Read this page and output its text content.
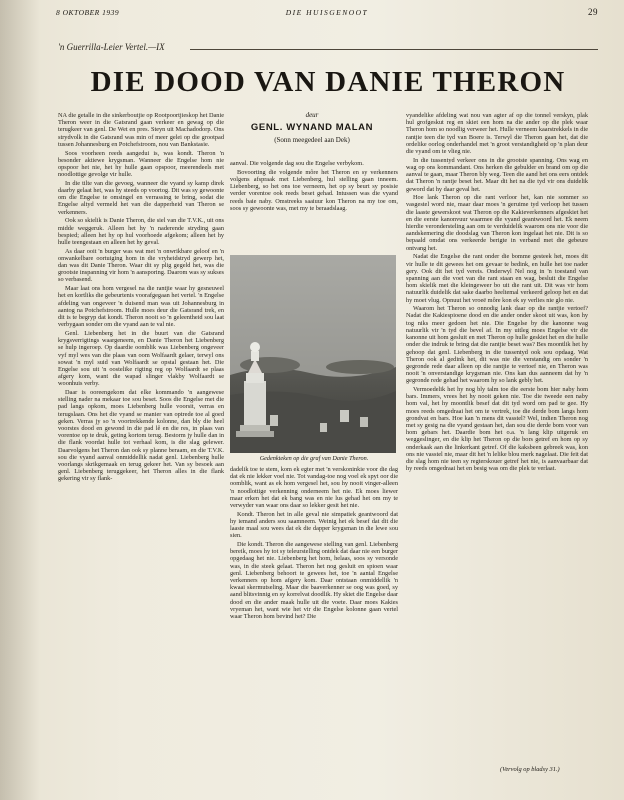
8 OKTOBER 1939	DIE HUISGENOOT	29
'n Guerrilla-Leier Vertel.—IX
DIE DOOD VAN DANIE THERON
deur
GENL. WYNAND MALAN
(Sonn meegedeel aan Dek)

NA die getalle in die sinkerboutjie op Rootpoortjieskop het Danie Theron weer in die Gatsrand gaan verkeer en gewag op die terugkeer van genl. De Wet en pres. Steyn uit Machadodorp. Ons strydvolk in die Gatsrand was min of meer gelei op die grootpad tussen Johannesburg en Potchefstroom, nou van Bankstasie.

Soos voorheen reeds aangedui is, was kondt. Theron 'n besonder aktiewe krygsman. Wanneer die Engelse hom nie opspoor het nie, het hy hulle gaan opspoor, meerendeels met noodlottige gevolge vir hulle.

In die tilte van die gevoeg, wanneer die vyand sy kamp direk daarby gelaat het, was hy steeds op voortog. Dit was sy gewoonte om die Engelse te omsingel en verrassing te bring, sodat die Engelse altyd vermeld het van die dapperheid van Theron se verkenners.

Ook so skielik is Danie Theron, die siel van die T.V.K., uit ons midde weggeruk. Alleen het hy 'n naderende stryding gaan bespied; alleen het hy op hul voorhoede afgekom; alleen het hy hulle teengestaan en alleen het hy geval.

As daar ooit 'n burger was wat met 'n onwrikbare geloof en 'n onwankelbare oortuiging hom in die vryheidstryd gewerp het, dan was dit Danie Theron. Waar dit sy plig gegeld het, was die grootste inspanning vir hom 'n aansporing. Daarom was sy sukses so verbasend.

Maar laat ons hom vergesel na die rantjie waar hy gesneuwel het en kortliks die gebeurtenis voorafgegaan het vertel. 'n Engelse afdeling van ongeveer 'n duisend man was uit Johannesburg in aantog na Potchefstroom. Hulle moes deur die Gatsrand trek, en dit is te begryp dat kondt. Theron nooit so 'n geleentheid sou laat verbygaan sonder om die vyand aan te val nie.

Genl. Liebenberg het in die buurt van die Gatsrand krygsverrigtings waargeneem, en Danie Theron het Liebenberg se hulp ingeroep. Op daardie oomblik was Liebenberg ongeveer vyf myl wes van die plaas van oom Wolfaardt gelaer, terwyl ons sowat 'n myl suid van Wolfaardt se opstal gestaan het. Die Engelse sou uit 'n oostelike rigting reg op Wolfaardt se plaas afgery kom, want die wapad slinger vlakby Wolfaardt se woonhuis verby.

Daar is ooreengekom dat elke kommando 'n aangewese stelling nader na mekaar toe sou beset. Soos die Engelse met die pad langs opkom, moes Liebenberg hulle voorsit, verras en terugslaan. Ons het die vyand se manier van optrede toe al goed geken. Verras jy so 'n voortrekkende kolonne, dan bly die heel voorstes dood en gewond in die pad lê en die res, in plaas van vorentoe op te druk, geting kortom terug. Bestorm jy hulle dan in die flank voordat hulle tot verhaal kom, is die slag gelewer. Daarvolgens het Theron dan ook sy planne beraam, en die T.V.K. sou die vyand aanval onmiddellik nadat genl. Liebenberg hulle voorlangs skrikgemaak en terug gekeer het. Van sy besoek aan genl. Liebenberg teruggekeer, het Theron alles in die flank gekering vir sy flank-

aanval. Die volgende dag sou die Engelse verbykom.

Bovoorting die volgende môre het Theron en sy verkenners volgens afspraak met Liebenberg, hul stelling gaan inneem. Liebenberg, so het ons toe verneem, het op sy beurt sy posisie verder vorentoe ook reeds beset gehad. Intussen was die vyand reeds baie naby. Omstreeks saaiuur kon Theron na my toe om, soos sy gewoonte was, met my te beraadslaag.

Gedenkteken op die graf van Danie Theron.

dadelik toe te stem, kom ek egter met 'n verskoninkie voor die dag dat ek nie lekker voel nie. Tot vandag-toe nog voel ek spyt oor die oomblik, want as ek hom vergesel het, sou hy nooit vinger-alleen 'n noodlottige verkenning onderneem het nie. Ek moes liewer maar erken het dat ek bang was en nie lus gehad het om my te verwyder van waar ons daar so lekker gesit het nie.

Kondt. Theron het in alle geval nie simpatiek geantwoord dat hy iemand anders sou saamneem. Weinig het ek besef dat dit die laaste maal sou wees dat ek die dapper krygsman in die lewe sou sien.

Die kondt. Theron die aangewese stelling van genl. Liebenberg bereik, moes hy tot sy teleurstelling ontdek dat daar nie een burger opgedaag het nie. Liebenberg het hom, helaas, soos sy versonde was, in die steek gelaat. Theron het nog gesluit en spioen waar genl. Liebenberg behoort te gewees het, toe 'n aantal Engelse verkenners op hom afgery kom. Daar ontstaan onmiddellik 'n kwaai skermutseling. Maar die baaverkenner se oog was goed, sy aand blitsvinnig en sy korrelvat doodlik. Hy skiet die Engelse daar dood en die ander maak hulle uit die voete. Daar moes Kakies vryeman het, want wie het vir die Engelse kolonne gaan vertel waar Theron hom bevind het? Die

vyandelike afdeling wat nou van agter af op die tonnel verskyn, plak hul grofgeskut reg en skiet een hom na die ander op die plek waar Theron hom so noodlig verweer het. Hulle verneem kaarstrekkels in die rantjie teen die tyd van Boere is. Terwyl die Theron gaan het, dat die ordelike oorlog onderhandel met 'n groot verstandigheid op 'n plan deur die vyand om te vlieg nie.

In die tussentyd verkeer ons in die grootste spanning. Ons wag en wag op ons kommandant. Ons herken die gebulder en brand om op die aanval te gaan, maar Theron bly weg. Teen die aand het ons eers ontdek dat Theron 'n rantje beset het. Maar dit het na die tyd vir ons duidelik geword dat hy daar geval het.

Hoe lank Theron op die rant verloor het, kan nie sommer so vasgestel word nie, maar daar moes 'n geruime tyd verloop het tussen die laaste gewerskoot wat Theron op die Kakieverkenners afgeskiet het en die eerste kanonvuur waarmee die vyand geantwoord het. Ek neem hierdie verondersteling aan om te verduidelik waarom ons nie voor die aandskemering die doodslag van Theron kon ingelaat het nie. Dit is so bepaald omdat ons verkeerde berigte in verband met die gebeure ontvang het.

Nadat die Engelse die rant onder die bomme gesteek het, moes dit vir hulle te dit gewees het om gevaar te bedink, en hulle het toe nader gery. Ook dit het tyd vereis. Onderwyl Nel nog in 'n toestand van spanning aan die voet van die rant staan en wag, besluit die Engelse hom skielik met die kleingeweer bo uit die rant uit. Dit was vir hom natuurlik duidelik dat sake daarbo heeltemal verkeerd geloop het en dat hy moet vlug. Opnuut het vroeë môre kon ek sy verlies nie glo nie.

Waarom het Theron so onnodig lank daar op die rantjie vertoef? Nadat die Kakiespioene dood en die ander onder skoot uit was, kon hy tog niks meer gedoen het nie. Die Engelse by die kanonne wag natuurlik vir 'n tyd die bevel af. In my uitleg moes Engelse vir die kanonne uit hom gesluit en met Theron op hulle geskiet het en die hulle onder die indruk te bring dat die rantjie beset was? Bes moontlik het hy gehoop dat genl. Liebenberg in die tussentyd ook sou opdaag. Wat Theron ook al gedink het, dit was nie die verstandig om sonder 'n gegronde rede daar alleen op die rantjie te vertoef nie, en Theron was nooit 'n onverstandige krygsman nie. Ons kan dus aanneem dat hy 'n gegronde rede gehad het waarom hy so lank gebly het.

Vermoedelik het hy nog bly talm toe die eerste bom hier naby hom bars. Immers, vrees het hy nooit geken nie. Toe die tweede een naby hom val, het hy moontlik besef dat dit tyd word om pad te gee. Hy moes reeds omgedraai het om te vertrek, toe die derde bom langs hom grondvat en bars. Hoe kan 'n mens dit vasstel? Wel, indien Theron nog met sy gesig na die vyand gestaan het, dan sou die derde bom voor van hom gebars het. Daardie bom het o.a. 'n lang klip uitgeruk en weggeslinger, en die klip het Theron op die bors getref en hom op sy onderkaak aan die linkerkant getref. Of die kaksbeen gebreek was, kon ons nie vasstel nie, maar dit het 'n lelike blou merk nagelaat. Die feit dat die slag hom nie teen sy regterskouer getref het nie, is aanvaarbaar dat hy reeds omgedraai het en besig was om die plek te verlaat.

(Vervolg op bladsy 31.)
